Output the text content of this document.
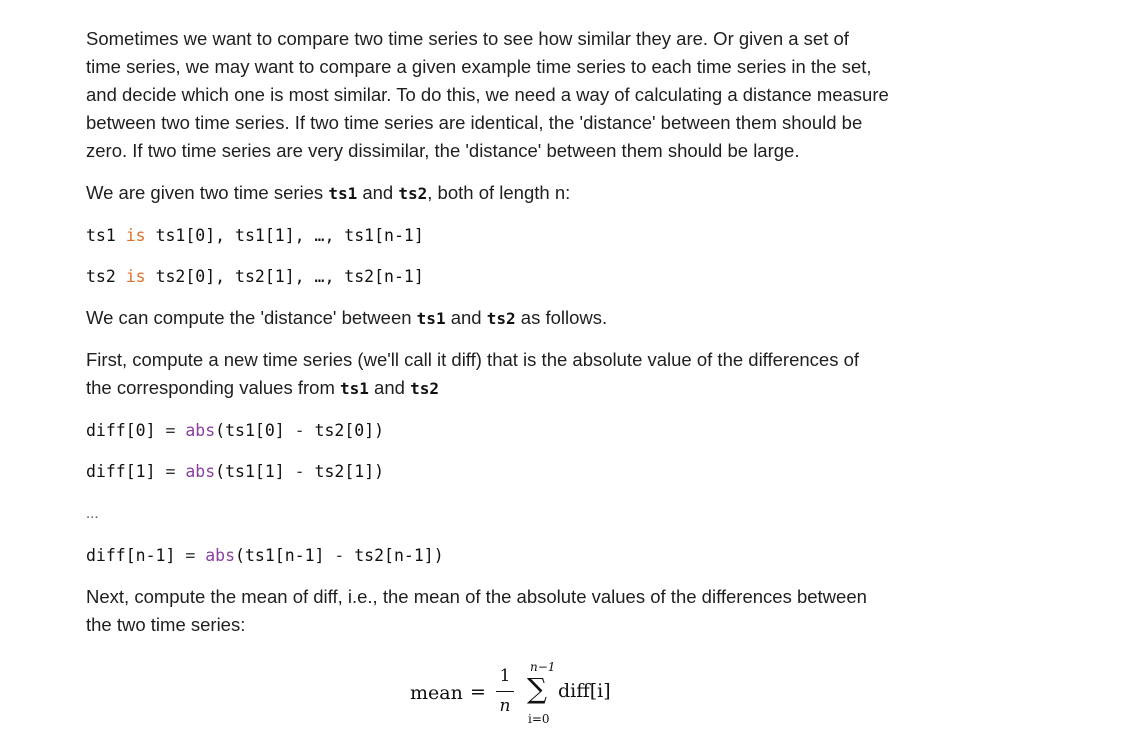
Sometimes we want to compare two time series to see how similar they are. Or given a set of
time series, we may want to compare a given example time series to each time series in the set,
and decide which one is most similar. To do this, we need a way of calculating a distance measure
between two time series. If two time series are identical, the 'distance' between them should be
zero. If two time series are very dissimilar, the 'distance' between them should be large.
We are given two time series ts1 and ts2, both of length n:
ts1 is ts1[0], ts1[1], …, ts1[n-1]
ts2 is ts2[0], ts2[1], …, ts2[n-1]
We can compute the 'distance' between ts1 and ts2 as follows.
First, compute a new time series (we'll call it diff) that is the absolute value of the differences of
the corresponding values from ts1 and ts2
diff[0] = abs(ts1[0] - ts2[0])
diff[1] = abs(ts1[1] - ts2[1])
...
diff[n-1] = abs(ts1[n-1] - ts2[n-1])
Next, compute the mean of diff, i.e., the mean of the absolute values of the differences between
the two time series:
mean =
1
n
n−1
∑
i=0
diff[i]
